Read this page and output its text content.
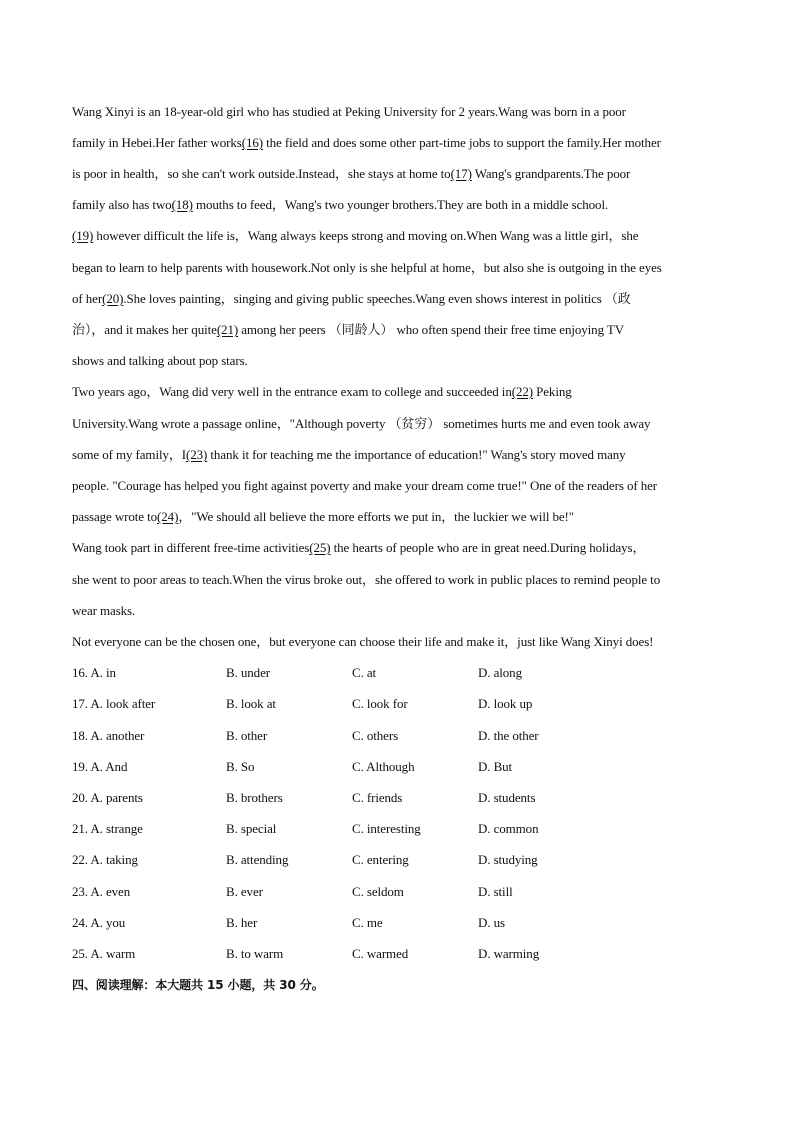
Wang Xinyi is an 18-year-old girl who has studied at Peking University for 2 years.Wang was born in a poor
family in Hebei.Her father works(16) the field and does some other part-time jobs to support the family.Her mother
is poor in health，so she can't work outside.Instead，she stays at home to(17) Wang's grandparents.The poor
family also has two(18) mouths to feed，Wang's two younger brothers.They are both in a middle school.
(19) however difficult the life is，Wang always keeps strong and moving on.When Wang was a little girl，she
began to learn to help parents with housework.Not only is she helpful at home，but also she is outgoing in the eyes
of her(20).She loves painting，singing and giving public speeches.Wang even shows interest in politics （政
治），and it makes her quite(21) among her peers （同龄人） who often spend their free time enjoying TV
shows and talking about pop stars.
Two years ago，Wang did very well in the entrance exam to college and succeeded in(22) Peking
University.Wang wrote a passage online，"Although poverty （贫穷） sometimes hurts me and even took away
some of my family，I(23) thank it for teaching me the importance of education!" Wang's story moved many
people. "Courage has helped you fight against poverty and make your dream come true!" One of the readers of her
passage wrote to(24)，"We should all believe the more efforts we put in，the luckier we will be!"
Wang took part in different free-time activities(25) the hearts of people who are in great need.During holidays，
she went to poor areas to teach.When the virus broke out，she offered to work in public places to remind people to
wear masks.
Not everyone can be the chosen one，but everyone can choose their life and make it，just like Wang Xinyi does!
16. A. in	B. under	C. at	D. along
17. A. look after	B. look at	C. look for	D. look up
18. A. another	B. other	C. others	D. the other
19. A. And	B. So	C. Although	D. But
20. A. parents	B. brothers	C. friends	D. students
21. A. strange	B. special	C. interesting	D. common
22. A. taking	B. attending	C. entering	D. studying
23. A. even	B. ever	C. seldom	D. still
24. A. you	B. her	C. me	D. us
25. A. warm	B. to warm	C. warmed	D. warming
四、阅读理解：本大题共 15 小题，共 30 分。
